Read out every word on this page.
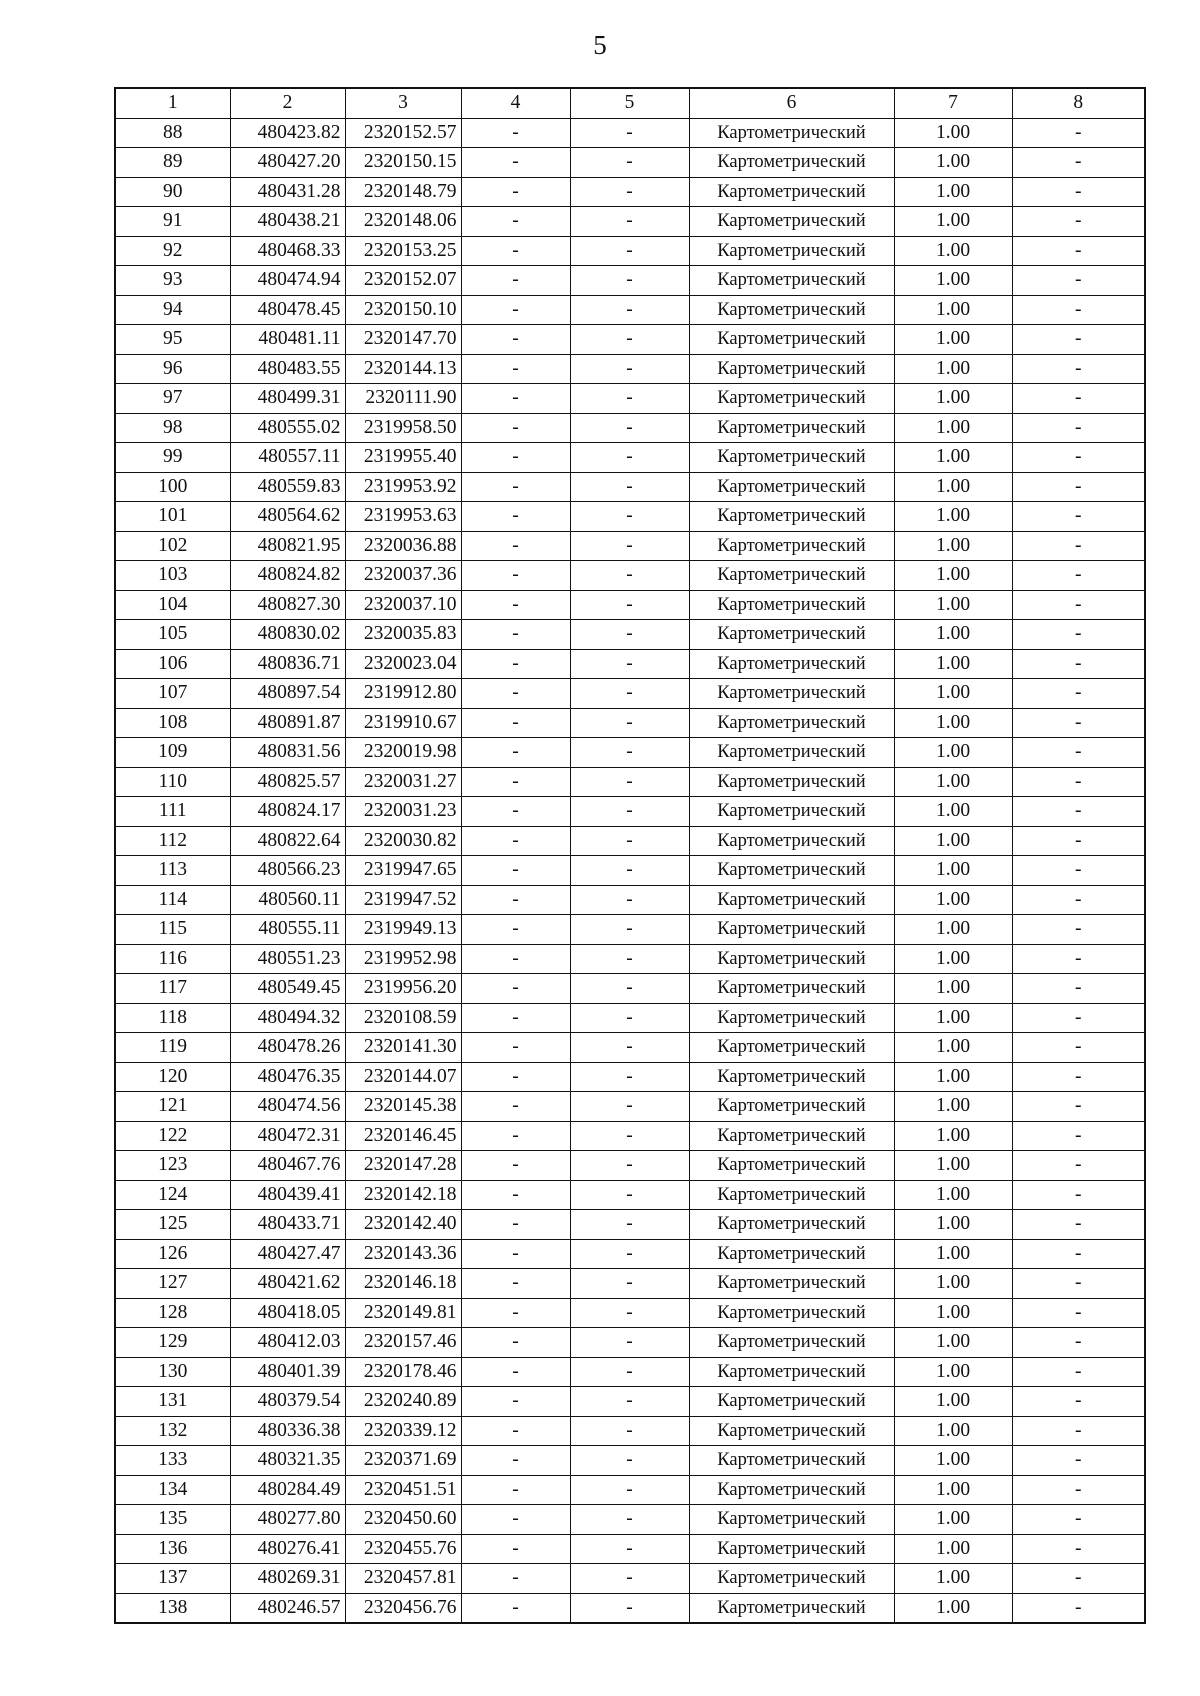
5
1	2	3	4	5	6	7	8
88	480423.82	2320152.57	-	-	Картометрический	1.00	-
89	480427.20	2320150.15	-	-	Картометрический	1.00	-
90	480431.28	2320148.79	-	-	Картометрический	1.00	-
91	480438.21	2320148.06	-	-	Картометрический	1.00	-
92	480468.33	2320153.25	-	-	Картометрический	1.00	-
93	480474.94	2320152.07	-	-	Картометрический	1.00	-
94	480478.45	2320150.10	-	-	Картометрический	1.00	-
95	480481.11	2320147.70	-	-	Картометрический	1.00	-
96	480483.55	2320144.13	-	-	Картометрический	1.00	-
97	480499.31	2320111.90	-	-	Картометрический	1.00	-
98	480555.02	2319958.50	-	-	Картометрический	1.00	-
99	480557.11	2319955.40	-	-	Картометрический	1.00	-
100	480559.83	2319953.92	-	-	Картометрический	1.00	-
101	480564.62	2319953.63	-	-	Картометрический	1.00	-
102	480821.95	2320036.88	-	-	Картометрический	1.00	-
103	480824.82	2320037.36	-	-	Картометрический	1.00	-
104	480827.30	2320037.10	-	-	Картометрический	1.00	-
105	480830.02	2320035.83	-	-	Картометрический	1.00	-
106	480836.71	2320023.04	-	-	Картометрический	1.00	-
107	480897.54	2319912.80	-	-	Картометрический	1.00	-
108	480891.87	2319910.67	-	-	Картометрический	1.00	-
109	480831.56	2320019.98	-	-	Картометрический	1.00	-
110	480825.57	2320031.27	-	-	Картометрический	1.00	-
111	480824.17	2320031.23	-	-	Картометрический	1.00	-
112	480822.64	2320030.82	-	-	Картометрический	1.00	-
113	480566.23	2319947.65	-	-	Картометрический	1.00	-
114	480560.11	2319947.52	-	-	Картометрический	1.00	-
115	480555.11	2319949.13	-	-	Картометрический	1.00	-
116	480551.23	2319952.98	-	-	Картометрический	1.00	-
117	480549.45	2319956.20	-	-	Картометрический	1.00	-
118	480494.32	2320108.59	-	-	Картометрический	1.00	-
119	480478.26	2320141.30	-	-	Картометрический	1.00	-
120	480476.35	2320144.07	-	-	Картометрический	1.00	-
121	480474.56	2320145.38	-	-	Картометрический	1.00	-
122	480472.31	2320146.45	-	-	Картометрический	1.00	-
123	480467.76	2320147.28	-	-	Картометрический	1.00	-
124	480439.41	2320142.18	-	-	Картометрический	1.00	-
125	480433.71	2320142.40	-	-	Картометрический	1.00	-
126	480427.47	2320143.36	-	-	Картометрический	1.00	-
127	480421.62	2320146.18	-	-	Картометрический	1.00	-
128	480418.05	2320149.81	-	-	Картометрический	1.00	-
129	480412.03	2320157.46	-	-	Картометрический	1.00	-
130	480401.39	2320178.46	-	-	Картометрический	1.00	-
131	480379.54	2320240.89	-	-	Картометрический	1.00	-
132	480336.38	2320339.12	-	-	Картометрический	1.00	-
133	480321.35	2320371.69	-	-	Картометрический	1.00	-
134	480284.49	2320451.51	-	-	Картометрический	1.00	-
135	480277.80	2320450.60	-	-	Картометрический	1.00	-
136	480276.41	2320455.76	-	-	Картометрический	1.00	-
137	480269.31	2320457.81	-	-	Картометрический	1.00	-
138	480246.57	2320456.76	-	-	Картометрический	1.00	-
